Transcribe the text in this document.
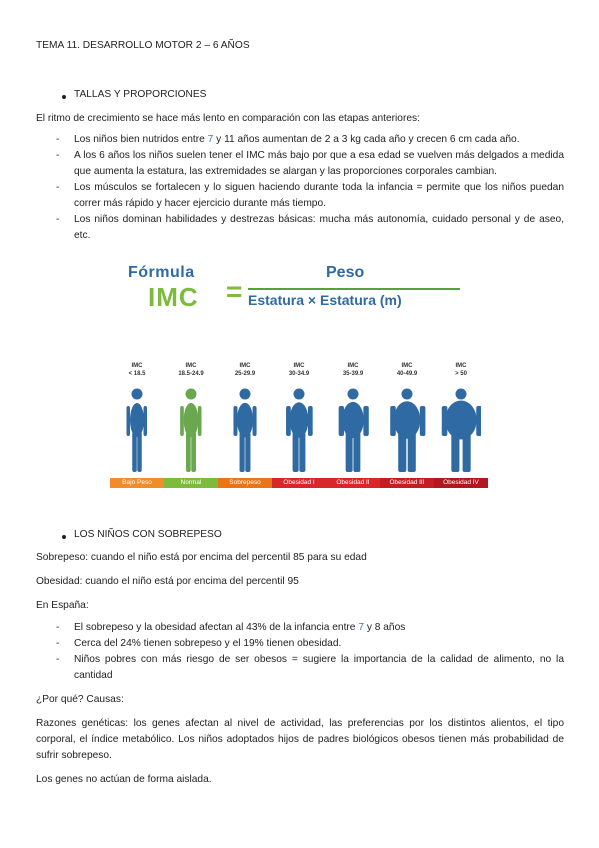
TEMA 11. DESARROLLO MOTOR 2 – 6 AÑOS
TALLAS Y PROPORCIONES
El ritmo de crecimiento se hace más lento en comparación con las etapas anteriores:
- Los niños bien nutridos entre 7 y 11 años aumentan de 2 a 3 kg cada año y crecen 6 cm cada año.
- A los 6 años los niños suelen tener el IMC más bajo por que a esa edad se vuelven más delgados a medida que aumenta la estatura, las extremidades se alargan y las proporciones corporales cambian.
- Los músculos se fortalecen y lo siguen haciendo durante toda la infancia = permite que los niños puedan correr más rápido y hacer ejercicio durante más tiempo.
- Los niños dominan habilidades y destrezas básicas: mucha más autonomía, cuidado personal y de aseo, etc.
Fórmula
IMC =
Peso
Estatura × Estatura (m)
IMC
< 18.5
Bajo Peso
IMC
18.5-24.9
Normal
IMC
25-29.9
Sobrepeso
IMC
30-34.9
Obesidad I
IMC
35-39.9
Obesidad II
IMC
40-49.9
Obesidad III
IMC
> 50
Obesidad IV
LOS NIÑOS CON SOBREPESO
Sobrepeso: cuando el niño está por encima del percentil 85 para su edad
Obesidad: cuando el niño está por encima del percentil 95
En España:
- El sobrepeso y la obesidad afectan al 43% de la infancia entre 7 y 8 años
- Cerca del 24% tienen sobrepeso y el 19% tienen obesidad.
- Niños pobres con más riesgo de ser obesos = sugiere la importancia de la calidad de alimento, no la cantidad
¿Por qué? Causas:
Razones genéticas: los genes afectan al nivel de actividad, las preferencias por los distintos alientos, el tipo corporal, el índice metabólico. Los niños adoptados hijos de padres biológicos obesos tienen más probabilidad de sufrir sobrepeso.
Los genes no actúan de forma aislada.
